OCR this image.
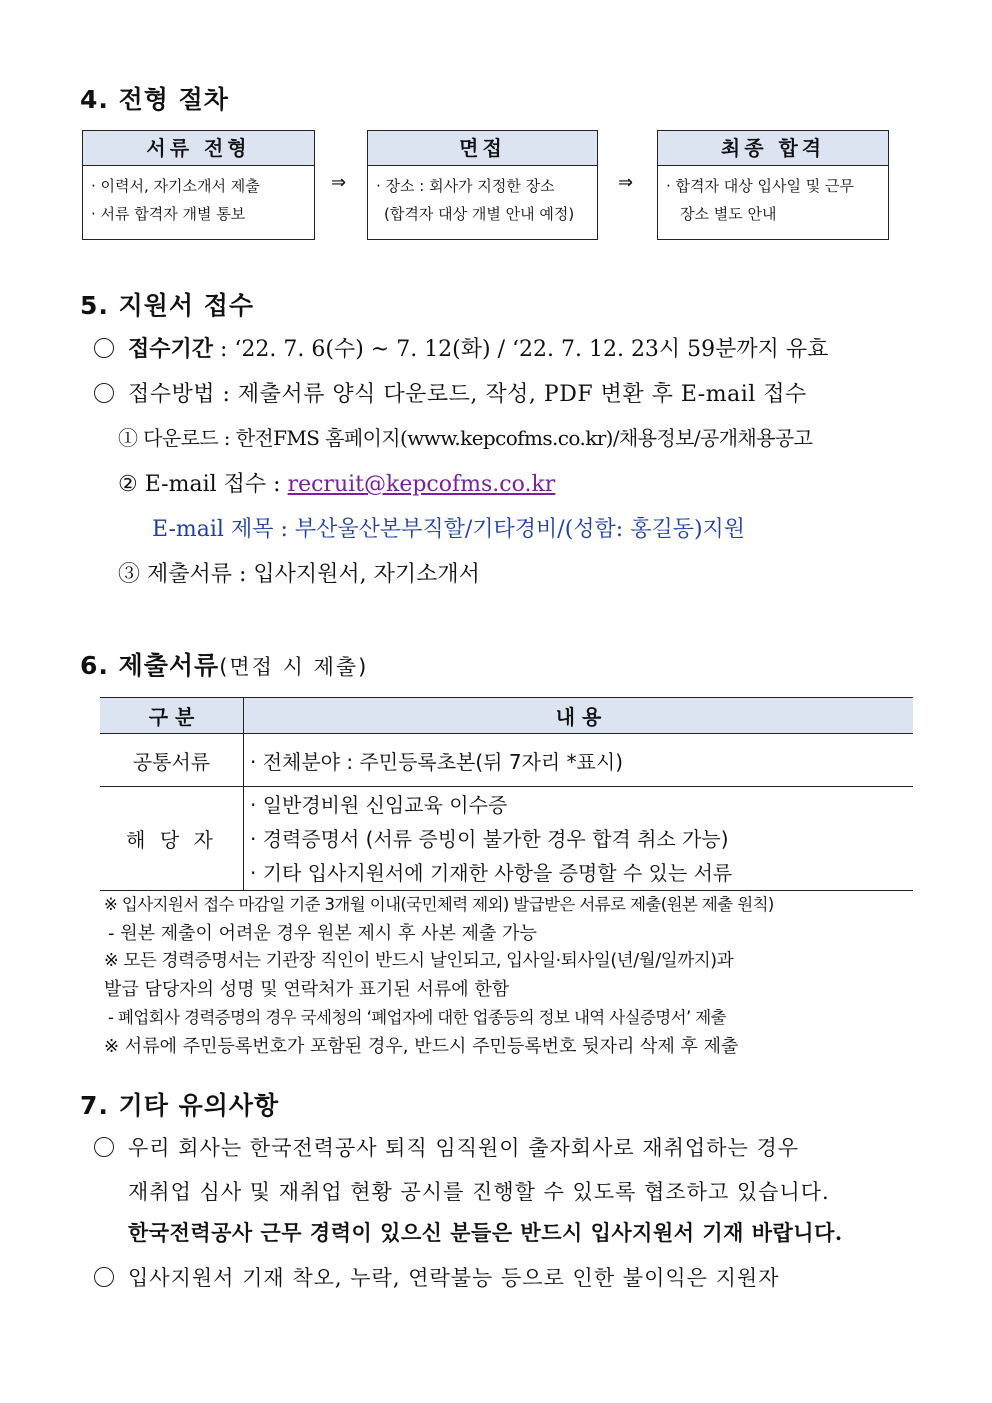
4. 전형 절차
서류 전형
· 이력서, 자기소개서 제출
· 서류 합격자 개별 통보
⇒
면접
· 장소 : 회사가 지정한 장소
(합격자 대상 개별 안내 예정)
⇒
최종 합격
· 합격자 대상 입사일 및 근무
장소 별도 안내
5. 지원서 접수
접수기간 : ‘22. 7. 6(수) ~ 7. 12(화) / ‘22. 7. 12. 23시 59분까지 유효
접수방법 : 제출서류 양식 다운로드, 작성, PDF 변환 후 E-mail 접수
① 다운로드 : 한전FMS 홈페이지(www.kepcofms.co.kr)/채용정보/공개채용공고
② E-mail 접수 : recruit@kepcofms.co.kr
E-mail 제목 : 부산울산본부직할/기타경비/(성함: 홍길동)지원
③ 제출서류 : 입사지원서, 자기소개서
6. 제출서류(면접 시 제출)
구 분	내 용
공통서류	· 전체분야 : 주민등록초본(뒤 7자리 *표시)
해 당 자	· 일반경비원 신임교육 이수증
· 경력증명서 (서류 증빙이 불가한 경우 합격 취소 가능)
· 기타 입사지원서에 기재한 사항을 증명할 수 있는 서류
※ 입사지원서 접수 마감일 기준 3개월 이내(국민체력 제외) 발급받은 서류로 제출(원본 제출 원칙)
- 원본 제출이 어려운 경우 원본 제시 후 사본 제출 가능
※ 모든 경력증명서는 기관장 직인이 반드시 날인되고, 입사일·퇴사일(년/월/일까지)과
발급 담당자의 성명 및 연락처가 표기된 서류에 한함
- 폐업회사 경력증명의 경우 국세청의 ‘폐업자에 대한 업종등의 정보 내역 사실증명서’ 제출
※ 서류에 주민등록번호가 포함된 경우, 반드시 주민등록번호 뒷자리 삭제 후 제출
7. 기타 유의사항
우리 회사는 한국전력공사 퇴직 임직원이 출자회사로 재취업하는 경우
재취업 심사 및 재취업 현황 공시를 진행할 수 있도록 협조하고 있습니다.
한국전력공사 근무 경력이 있으신 분들은 반드시 입사지원서 기재 바랍니다.
입사지원서 기재 착오, 누락, 연락불능 등으로 인한 불이익은 지원자
